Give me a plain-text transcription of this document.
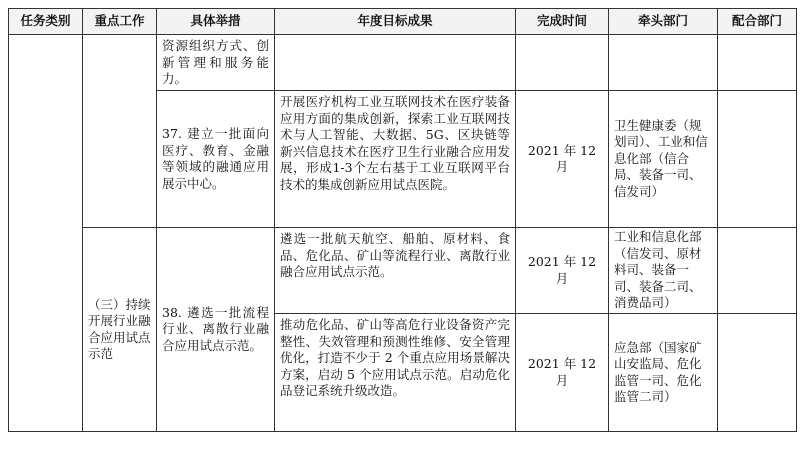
任务类别	重点工作	具体举措	年度目标成果	完成时间	牵头部门	配合部门
		资源组织方式、创新管理和服务能力。				
		37. 建立一批面向医疗、教育、金融等领域的融通应用展示中心。	开展医疗机构工业互联网技术在医疗装备应用方面的集成创新，探索工业互联网技术与人工智能、大数据、5G、区块链等新兴信息技术在医疗卫生行业融合应用发展，形成1-3个左右基于工业互联网平台技术的集成创新应用试点医院。	2021 年 12 月	卫生健康委（规划司）、工业和信息化部（信合局、装备一司、信发司）	
	（三）持续开展行业融合应用试点示范	38. 遴选一批流程行业、离散行业融合应用试点示范。	遴选一批航天航空、船舶、原材料、食品、危化品、矿山等流程行业、离散行业融合应用试点示范。	2021 年 12 月	工业和信息化部（信发司、原材料司、装备一司、装备二司、消费品司）	
			推动危化品、矿山等高危行业设备资产完整性、失效管理和预测性维修、安全管理优化，打造不少于 2 个重点应用场景解决方案，启动 5 个应用试点示范。启动危化品登记系统升级改造。	2021 年 12 月	应急部（国家矿山安监局、危化监管一司、危化监管二司）	
